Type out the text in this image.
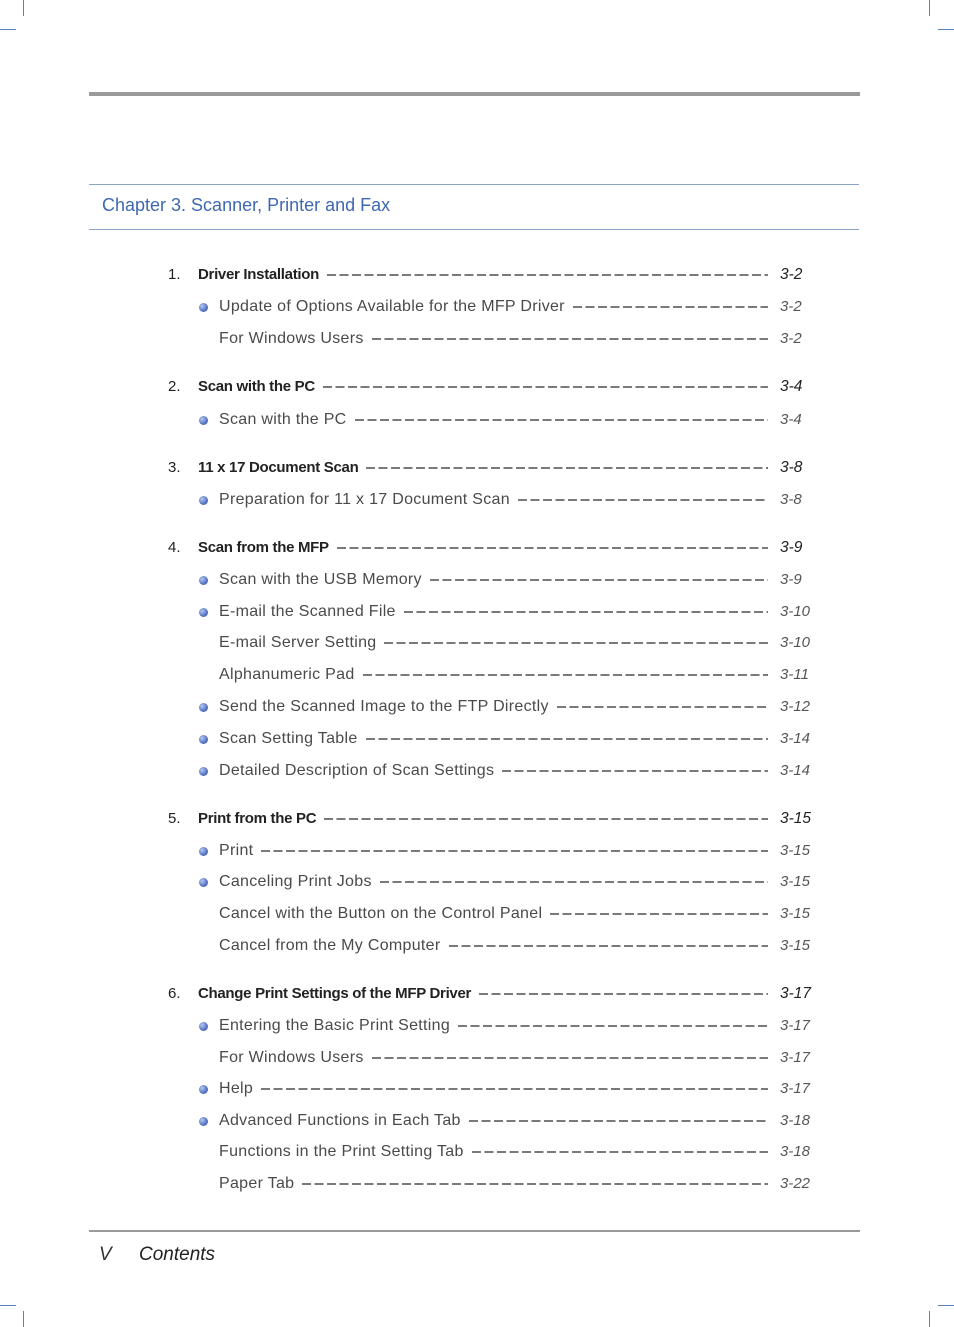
Chapter 3. Scanner, Printer and Fax
1. Driver Installation	3-2
Update of Options Available for the MFP Driver	3-2
For Windows Users	3-2
2. Scan with the PC	3-4
Scan with the PC	3-4
3. 11 x 17 Document Scan	3-8
Preparation for 11 x 17 Document Scan	3-8
4. Scan from the MFP	3-9
Scan with the USB Memory	3-9
E-mail the Scanned File	3-10
E-mail Server Setting	3-10
Alphanumeric Pad	3-11
Send the Scanned Image to the FTP Directly	3-12
Scan Setting Table	3-14
Detailed Description of Scan Settings	3-14
5. Print from the PC	3-15
Print	3-15
Canceling Print Jobs	3-15
Cancel with the Button on the Control Panel	3-15
Cancel from the My Computer	3-15
6. Change Print Settings of the MFP Driver	3-17
Entering the Basic Print Setting	3-17
For Windows Users	3-17
Help	3-17
Advanced Functions in Each Tab	3-18
Functions in the Print Setting Tab	3-18
Paper Tab	3-22
V Contents
